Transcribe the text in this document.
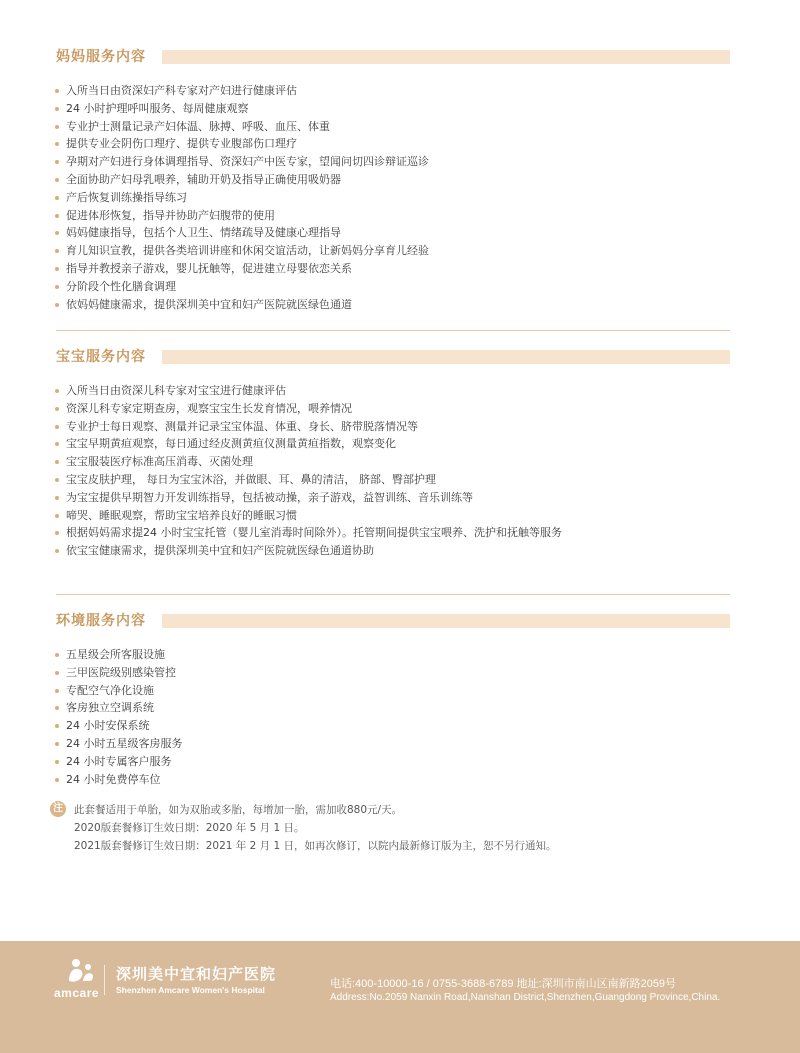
妈妈服务内容
入所当日由资深妇产科专家对产妇进行健康评估
24 小时护理呼叫服务、每周健康观察
专业护士测量记录产妇体温、脉搏、呼吸、血压、体重
提供专业会阴伤口理疗、提供专业腹部伤口理疗
孕期对产妇进行身体调理指导、资深妇产中医专家，望闻问切四诊辩证巡诊
全面协助产妇母乳喂养，辅助开奶及指导正确使用吸奶器
产后恢复训练操指导练习
促进体形恢复，指导并协助产妇腹带的使用
妈妈健康指导，包括个人卫生、情绪疏导及健康心理指导
育儿知识宣教，提供各类培训讲座和休闲交谊活动，让新妈妈分享育儿经验
指导并教授亲子游戏，婴儿抚触等，促进建立母婴依恋关系
分阶段个性化膳食调理
依妈妈健康需求，提供深圳美中宜和妇产医院就医绿色通道
宝宝服务内容
入所当日由资深儿科专家对宝宝进行健康评估
资深儿科专家定期查房，观察宝宝生长发育情况，喂养情况
专业护士每日观察、测量并记录宝宝体温、体重、身长、脐带脱落情况等
宝宝早期黄疸观察，每日通过经皮测黄疸仪测量黄疸指数，观察变化
宝宝服装医疗标准高压消毒、灭菌处理
宝宝皮肤护理， 每日为宝宝沐浴，并做眼、耳、鼻的清洁， 脐部、臀部护理
为宝宝提供早期智力开发训练指导，包括被动操，亲子游戏，益智训练、音乐训练等
啼哭、睡眠观察，帮助宝宝培养良好的睡眠习惯
根据妈妈需求提24 小时宝宝托管（婴儿室消毒时间除外）。托管期间提供宝宝喂养、洗护和抚触等服务
依宝宝健康需求，提供深圳美中宜和妇产医院就医绿色通道协助
环境服务内容
五星级会所客服设施
三甲医院级别感染管控
专配空气净化设施
客房独立空调系统
24 小时安保系统
24 小时五星级客房服务
24 小时专属客户服务
24 小时免费停车位
注 此套餐适用于单胎，如为双胎或多胎，每增加一胎，需加收880元/天。
2020版套餐修订生效日期：2020 年 5 月 1 日。
2021版套餐修订生效日期：2021 年 2 月 1 日，如再次修订，以院内最新修订版为主，恕不另行通知。
amcare
深圳美中宜和妇产医院
Shenzhen Amcare Women's Hospital	电话:400-10000-16 / 0755-3688-6789 地址:深圳市南山区南新路2059号
Address:No.2059 Nanxin Road,Nanshan District,Shenzhen,Guangdong Province,China.
